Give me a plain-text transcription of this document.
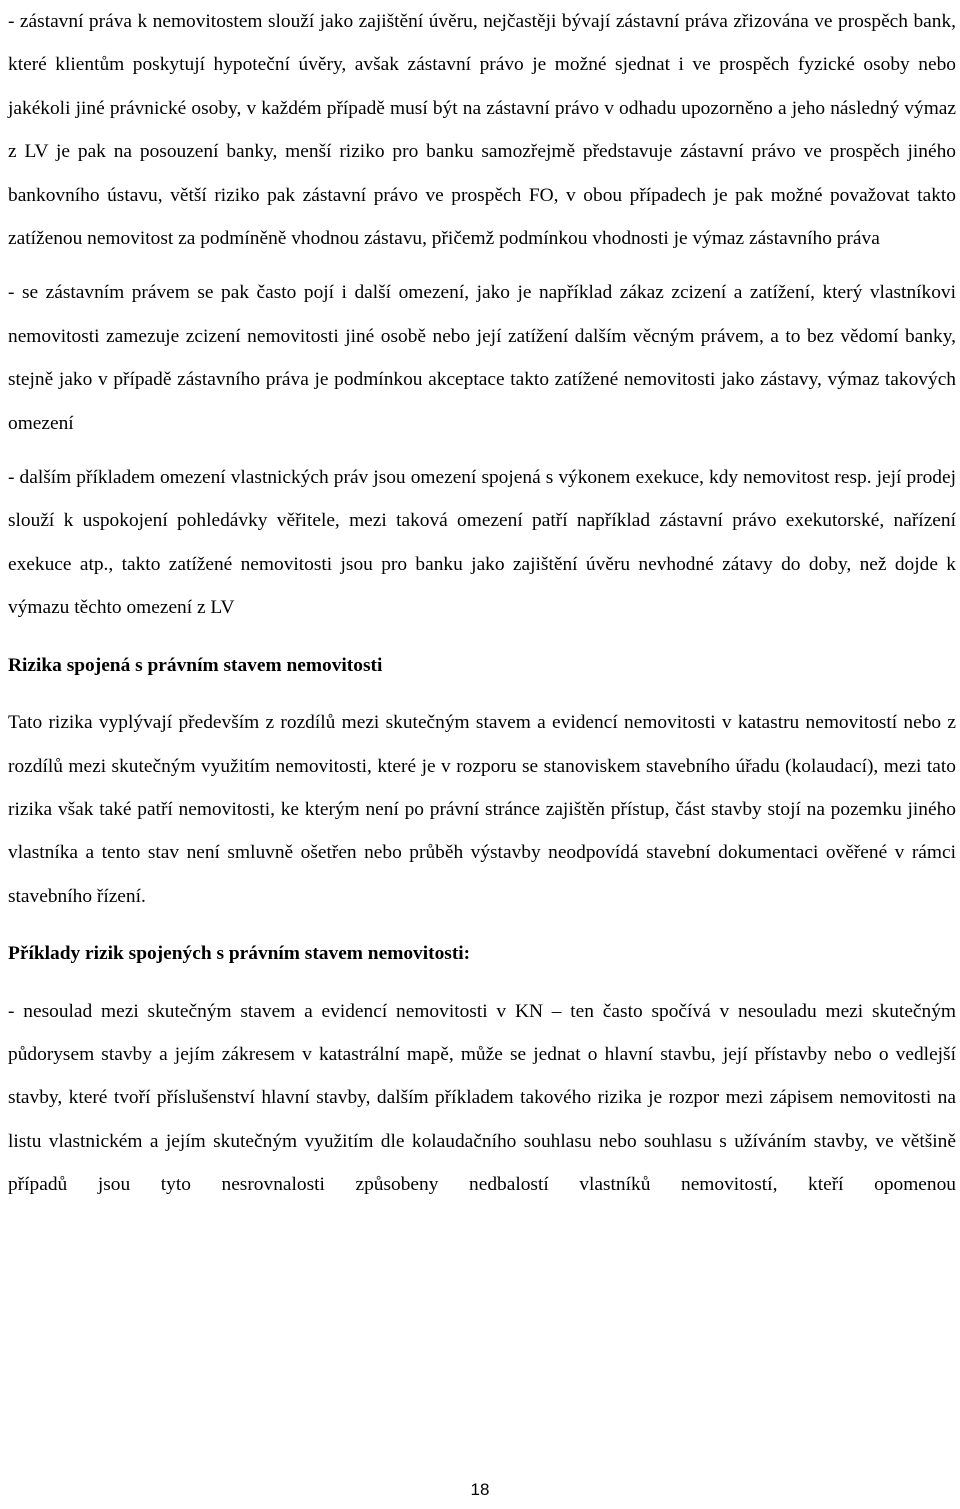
- zástavní práva k nemovitostem slouží jako zajištění úvěru, nejčastěji bývají zástavní práva zřizována ve prospěch bank, které klientům poskytují hypoteční úvěry, avšak zástavní právo je možné sjednat i ve prospěch fyzické osoby nebo jakékoli jiné právnické osoby, v každém případě musí být na zástavní právo v odhadu upozorněno a jeho následný výmaz z LV je pak na posouzení banky, menší riziko pro banku samozřejmě představuje zástavní právo ve prospěch jiného bankovního ústavu, větší riziko pak zástavní právo ve prospěch FO, v obou případech je pak možné považovat takto zatíženou nemovitost za podmíněně vhodnou zástavu, přičemž podmínkou vhodnosti je výmaz zástavního práva

- se zástavním právem se pak často pojí i další omezení, jako je například zákaz zcizení a zatížení, který vlastníkovi nemovitosti zamezuje zcizení nemovitosti jiné osobě nebo její zatížení dalším věcným právem, a to bez vědomí banky, stejně jako v případě zástavního práva je podmínkou akceptace takto zatížené nemovitosti jako zástavy, výmaz takových omezení

- dalším příkladem omezení vlastnických práv jsou omezení spojená s výkonem exekuce, kdy nemovitost resp. její prodej slouží k uspokojení pohledávky věřitele, mezi taková omezení patří například zástavní právo exekutorské, nařízení exekuce atp., takto zatížené nemovitosti jsou pro banku jako zajištění úvěru nevhodné zátavy do doby, než dojde k výmazu těchto omezení z LV

Rizika spojená s právním stavem nemovitosti

Tato rizika vyplývají především z rozdílů mezi skutečným stavem a evidencí nemovitosti v katastru nemovitostí nebo z rozdílů mezi skutečným využitím nemovitosti, které je v rozporu se stanoviskem stavebního úřadu (kolaudací), mezi tato rizika však také patří nemovitosti, ke kterým není po právní stránce zajištěn přístup, část stavby stojí na pozemku jiného vlastníka a tento stav není smluvně ošetřen nebo průběh výstavby neodpovídá stavební dokumentaci ověřené v rámci stavebního řízení.

Příklady rizik spojených s právním stavem nemovitosti:

- nesoulad mezi skutečným stavem a evidencí nemovitosti v KN – ten často spočívá v nesouladu mezi skutečným půdorysem stavby a jejím zákresem v katastrální mapě, může se jednat o hlavní stavbu, její přístavby nebo o vedlejší stavby, které tvoří příslušenství hlavní stavby, dalším příkladem takového rizika je rozpor mezi zápisem nemovitosti na listu vlastnickém a jejím skutečným využitím dle kolaudačního souhlasu nebo souhlasu s užíváním stavby, ve většině případů jsou tyto nesrovnalosti způsobeny nedbalostí vlastníků nemovitostí, kteří opomenou

18
